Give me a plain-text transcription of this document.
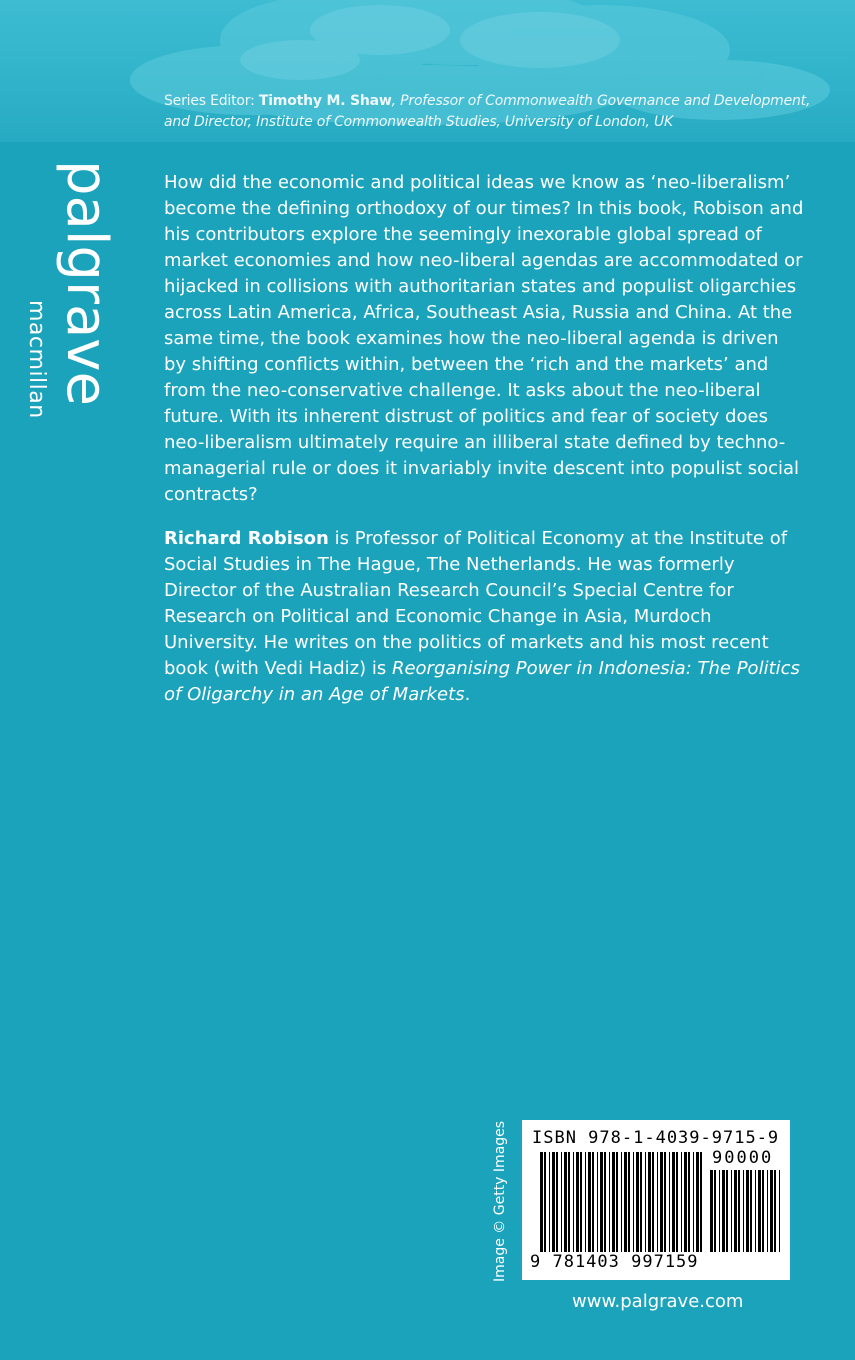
Series Editor: Timothy M. Shaw, Professor of Commonwealth Governance and Development, and Director, Institute of Commonwealth Studies, University of London, UK
palgrave
macmillan

How did the economic and political ideas we know as ‘neo-liberalism’ become the defining orthodoxy of our times? In this book, Robison and his contributors explore the seemingly inexorable global spread of market economies and how neo-liberal agendas are accommodated or hijacked in collisions with authoritarian states and populist oligarchies across Latin America, Africa, Southeast Asia, Russia and China. At the same time, the book examines how the neo-liberal agenda is driven by shifting conflicts within, between the ‘rich and the markets’ and from the neo-conservative challenge. It asks about the neo-liberal future. With its inherent distrust of politics and fear of society does neo-liberalism ultimately require an illiberal state defined by techno-managerial rule or does it invariably invite descent into populist social contracts?

Richard Robison is Professor of Political Economy at the Institute of Social Studies in The Hague, The Netherlands. He was formerly Director of the Australian Research Council’s Special Centre for Research on Political and Economic Change in Asia, Murdoch University. He writes on the politics of markets and his most recent book (with Vedi Hadiz) is Reorganising Power in Indonesia: The Politics of Oligarchy in an Age of Markets.

Image © Getty Images ISBN 978-1-4039-9715-9
90000
9 781403 997159
www.palgrave.com
